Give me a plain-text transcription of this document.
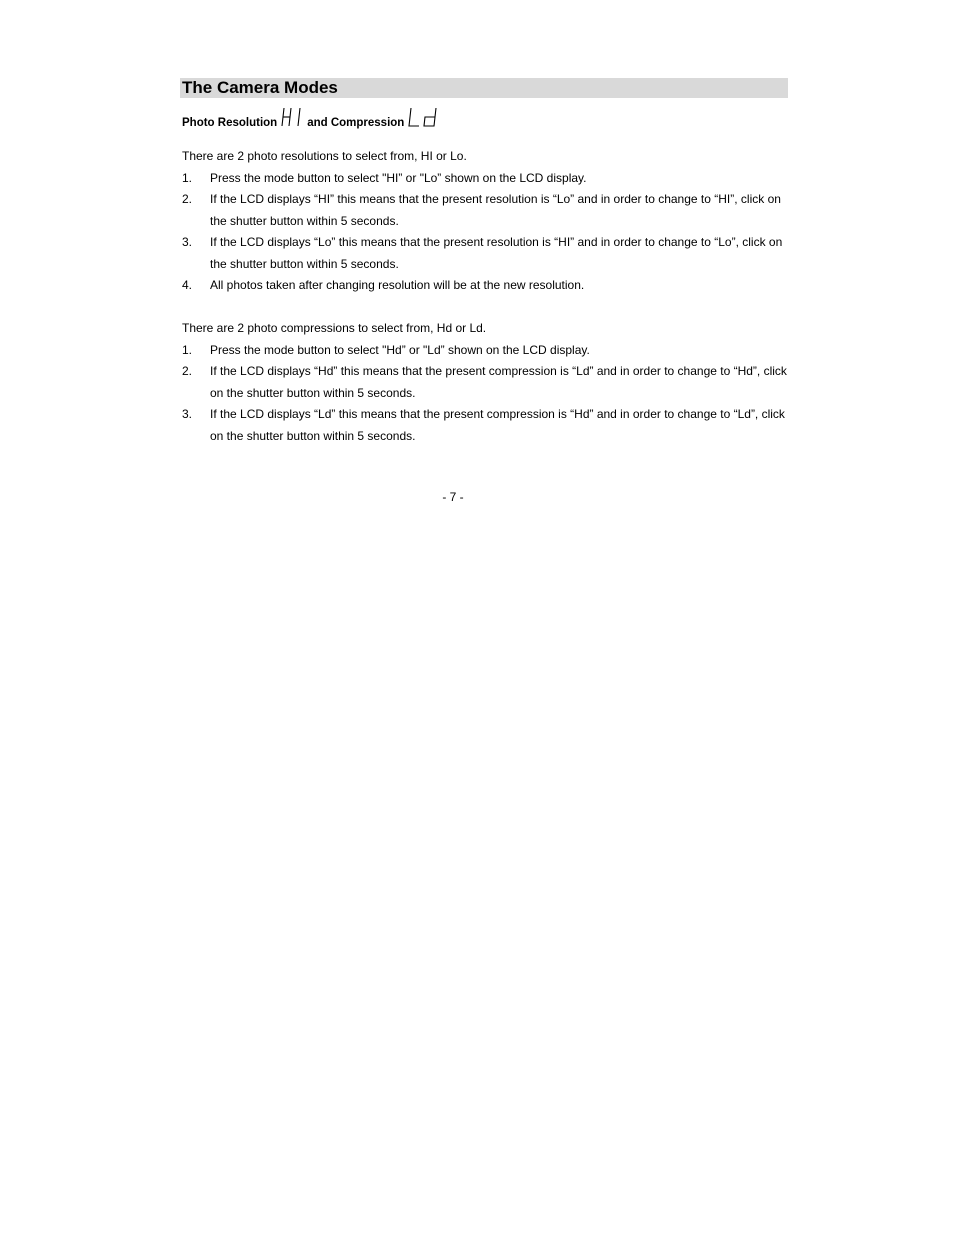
The Camera Modes
Photo Resolution	and Compression
There are 2 photo resolutions to select from, HI or Lo.
1.	Press the mode button to select "HI” or "Lo” shown on the LCD display.
2.	If the LCD displays “HI” this means that the present resolution is “Lo” and in order to change to “HI”, click on the shutter button within 5 seconds.
3.	If the LCD displays “Lo” this means that the present resolution is “HI” and in order to change to “Lo”, click on the shutter button within 5 seconds.
4.	All photos taken after changing resolution will be at the new resolution.
There are 2 photo compressions to select from, Hd or Ld.
1.	Press the mode button to select "Hd” or "Ld” shown on the LCD display.
2.	If the LCD displays “Hd” this means that the present compression is “Ld” and in order to change to “Hd”, click on the shutter button within 5 seconds.
3.	If the LCD displays “Ld” this means that the present compression is “Hd” and in order to change to “Ld”, click on the shutter button within 5 seconds.
- 7 -
